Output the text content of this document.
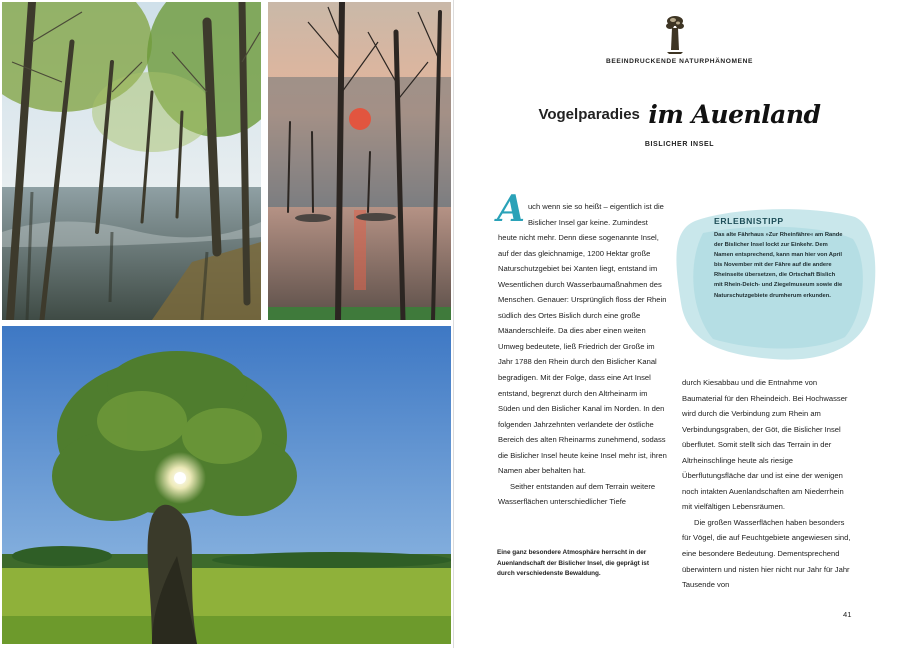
Eine ganz besondere Atmosphäre herrscht in der Auenlandschaft der Bislicher Insel, die geprägt ist durch verschiedenste Bewaldung.

BEEINDRUCKENDE NATURPHÄNOMENE
Vogelparadies im Auenland
BISLICHER INSEL

Auch wenn sie so heißt – eigentlich ist die Bislicher Insel gar keine. Zumindest heute nicht mehr. Denn diese sogenannte Insel, auf der das gleichnamige, 1200 Hektar große Naturschutzgebiet bei Xanten liegt, entstand im Wesentlichen durch Wasserbaumaßnahmen des Menschen. Genauer: Ursprünglich floss der Rhein südlich des Ortes Bislich durch eine große Mäanderschleife. Da dies aber einen weiten Umweg bedeutete, ließ Friedrich der Große im Jahr 1788 den Rhein durch den Bislicher Kanal begradigen. Mit der Folge, dass eine Art Insel entstand, begrenzt durch den Altrheinarm im Süden und den Bislicher Kanal im Norden. In den folgenden Jahrzehnten verlandete der östliche Bereich des alten Rheinarms zunehmend, sodass die Bislicher Insel heute keine Insel mehr ist, ihren Namen aber behalten hat.

Seither entstanden auf dem Terrain weitere Wasserflächen unterschiedlicher Tiefe

ERLEBNISTIPP

Das alte Fährhaus »Zur Rheinfähre« am Rande der Bislicher Insel lockt zur Einkehr. Dem Namen entsprechend, kann man hier von April bis November mit der Fähre auf die andere Rheinseite übersetzen, die Ortschaft Bislich mit Rhein-Deich- und Ziegelmuseum sowie die Naturschutzgebiete drumherum erkunden.

durch Kiesabbau und die Entnahme von Baumaterial für den Rheindeich. Bei Hochwasser wird durch die Verbindung zum Rhein am Verbindungsgraben, der Göt, die Bislicher Insel überflutet. Somit stellt sich das Terrain in der Altrheinschlinge heute als riesige Überflutungsfläche dar und ist eine der wenigen noch intakten Auenlandschaften am Niederrhein mit vielfältigen Lebensräumen.

Die großen Wasserflächen haben besonders für Vögel, die auf Feuchtgebiete angewiesen sind, eine besondere Bedeutung. Dementsprechend überwintern und nisten hier nicht nur Jahr für Jahr Tausende von

41
